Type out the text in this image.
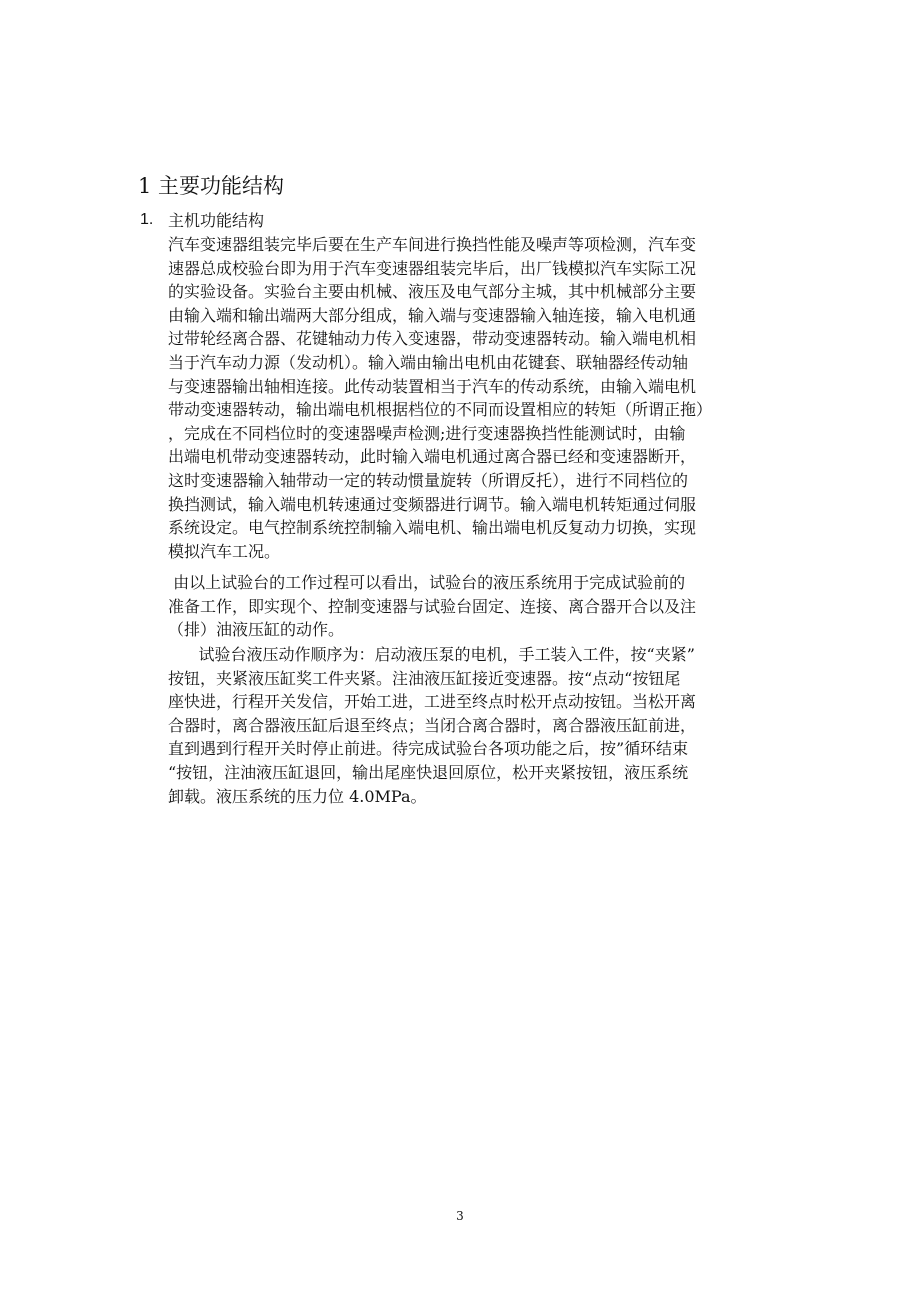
1 主要功能结构
1. 主机功能结构
汽车变速器组装完毕后要在生产车间进行换挡性能及噪声等项检测，汽车变
速器总成校验台即为用于汽车变速器组装完毕后，出厂钱模拟汽车实际工况
的实验设备。实验台主要由机械、液压及电气部分主城，其中机械部分主要
由输入端和输出端两大部分组成，输入端与变速器输入轴连接，输入电机通
过带轮经离合器、花键轴动力传入变速器，带动变速器转动。输入端电机相
当于汽车动力源（发动机）。输入端由输出电机由花键套、联轴器经传动轴
与变速器输出轴相连接。此传动装置相当于汽车的传动系统，由输入端电机
带动变速器转动，输出端电机根据档位的不同而设置相应的转矩（所谓正拖）
，完成在不同档位时的变速器噪声检测;进行变速器换挡性能测试时，由输
出端电机带动变速器转动，此时输入端电机通过离合器已经和变速器断开，
这时变速器输入轴带动一定的转动惯量旋转（所谓反托），进行不同档位的
换挡测试，输入端电机转速通过变频器进行调节。输入端电机转矩通过伺服
系统设定。电气控制系统控制输入端电机、输出端电机反复动力切换，实现
模拟汽车工况。
由以上试验台的工作过程可以看出，试验台的液压系统用于完成试验前的
准备工作，即实现个、控制变速器与试验台固定、连接、离合器开合以及注
（排）油液压缸的动作。
试验台液压动作顺序为：启动液压泵的电机，手工装入工件，按“夹紧”
按钮，夹紧液压缸奖工件夹紧。注油液压缸接近变速器。按“点动“按钮尾
座快进，行程开关发信，开始工进，工进至终点时松开点动按钮。当松开离
合器时，离合器液压缸后退至终点；当闭合离合器时，离合器液压缸前进，
直到遇到行程开关时停止前进。待完成试验台各项功能之后，按”循环结束
“按钮，注油液压缸退回，输出尾座快退回原位，松开夹紧按钮，液压系统
卸载。液压系统的压力位 4.0MPa。
3
